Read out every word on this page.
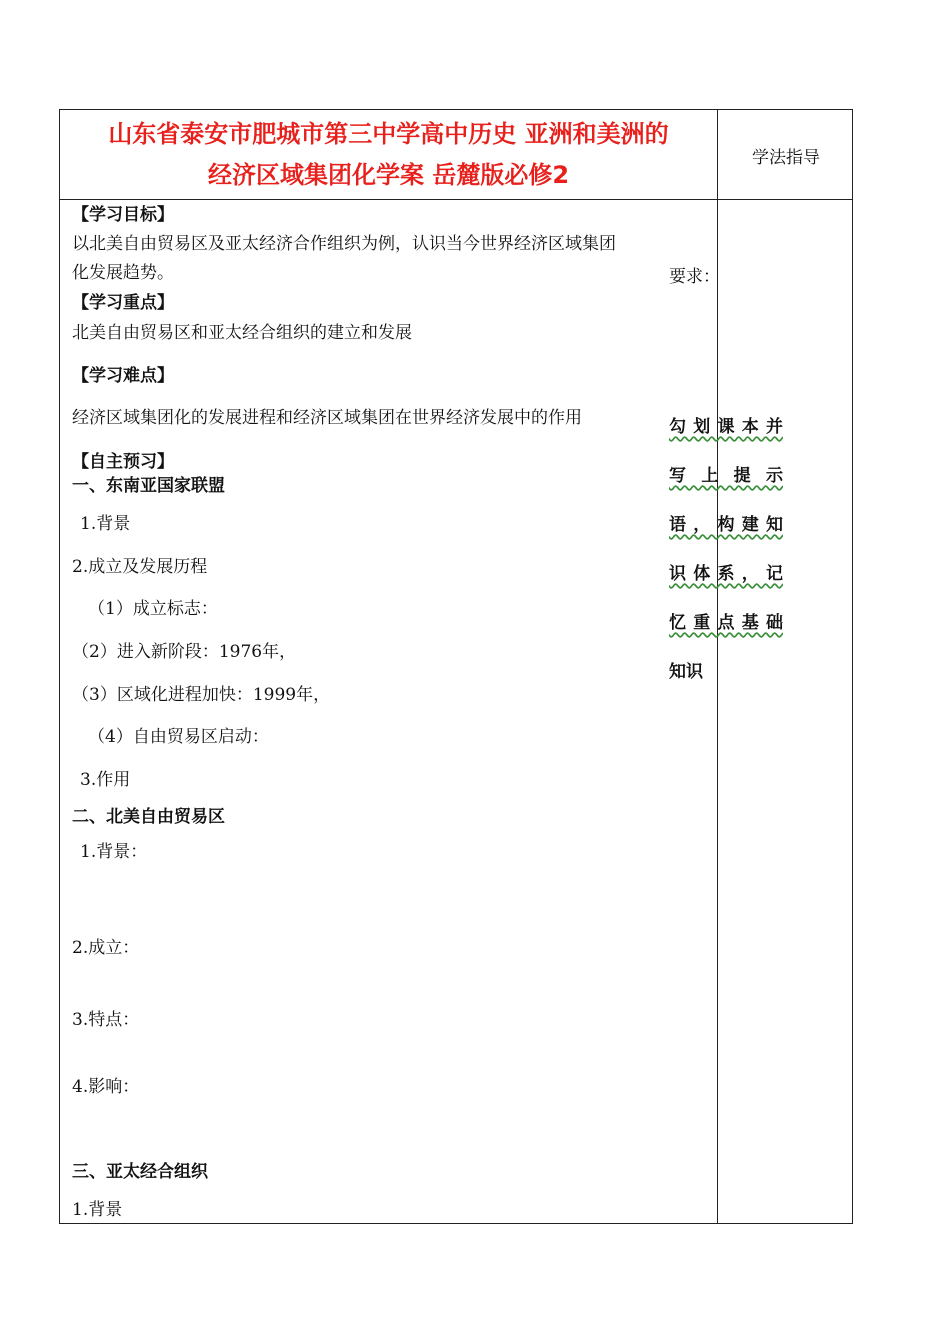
山东省泰安市肥城市第三中学高中历史 亚洲和美洲的
经济区域集团化学案 岳麓版必修2
学法指导
【学习目标】
以北美自由贸易区及亚太经济合作组织为例，认识当今世界经济区域集团
化发展趋势。
【学习重点】
北美自由贸易区和亚太经合组织的建立和发展
【学习难点】
经济区域集团化的发展进程和经济区域集团在世界经济发展中的作用
【自主预习】
一、东南亚国家联盟
1.背景
2.成立及发展历程
（1）成立标志：
（2）进入新阶段：1976年，
（3）区域化进程加快：1999年，
（4）自由贸易区启动：
3.作用
二、北美自由贸易区
1.背景：
2.成立：
3.特点：
4.影响：
三、亚太经合组织
1.背景
要求：
勾划课本并
写上提示
语，构建知
识体系，记
忆重点基础
知识
